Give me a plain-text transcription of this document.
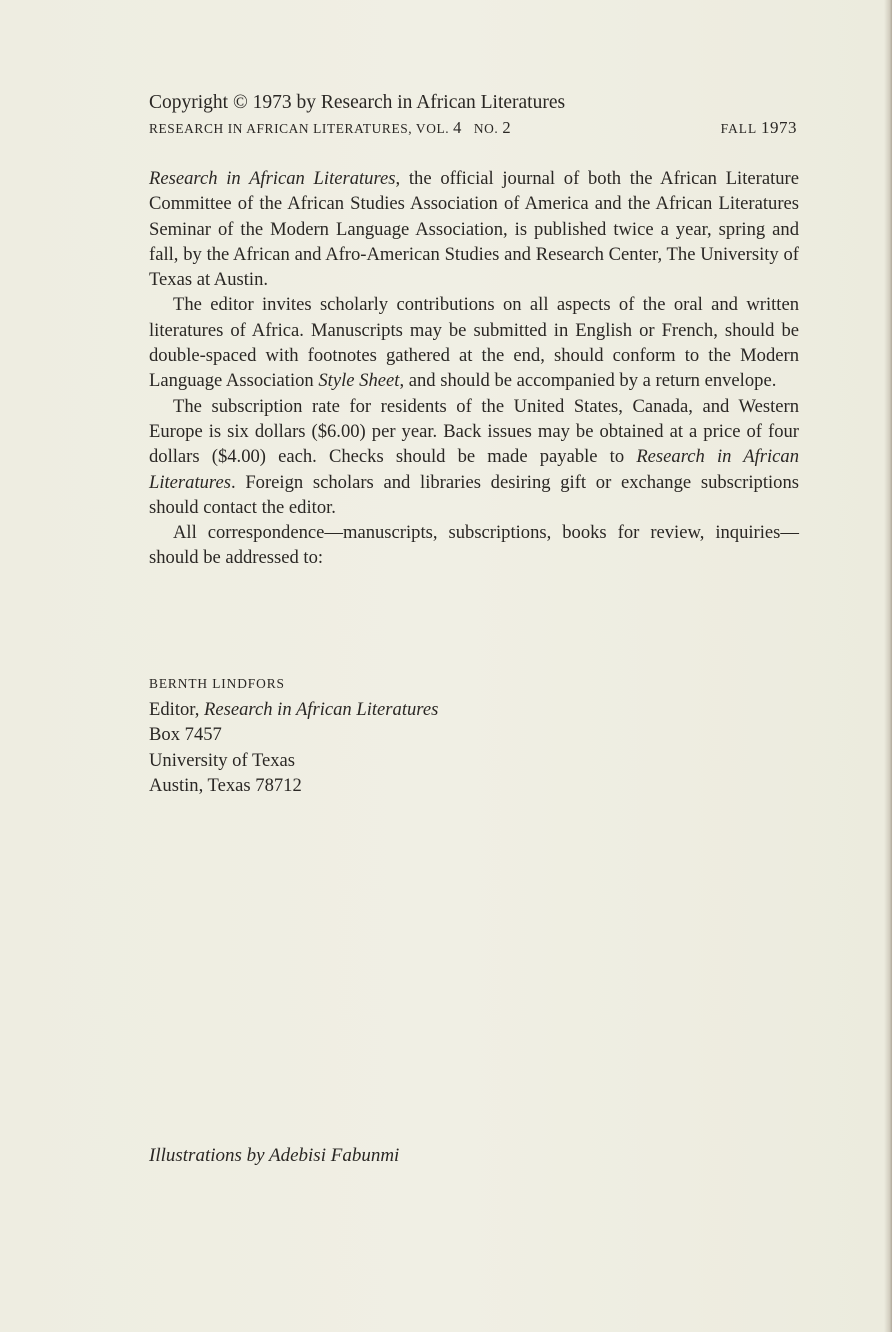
Copyright © 1973 by Research in African Literatures
RESEARCH IN AFRICAN LITERATURES, VOL. 4 NO. 2	FALL 1973

Research in African Literatures, the official journal of both the African Literature Committee of the African Studies Association of America and the African Literatures Seminar of the Modern Language Association, is published twice a year, spring and fall, by the African and Afro-American Studies and Research Center, The University of Texas at Austin.

The editor invites scholarly contributions on all aspects of the oral and written literatures of Africa. Manuscripts may be submitted in English or French, should be double-spaced with footnotes gathered at the end, should conform to the Modern Language Association Style Sheet, and should be accompanied by a return envelope.

The subscription rate for residents of the United States, Canada, and Western Europe is six dollars ($6.00) per year. Back issues may be obtained at a price of four dollars ($4.00) each. Checks should be made payable to Research in African Literatures. Foreign scholars and libraries desiring gift or exchange subscriptions should contact the editor.

All correspondence—manuscripts, subscriptions, books for review, inquiries—should be addressed to:

BERNTH LINDFORS
Editor, Research in African Literatures
Box 7457
University of Texas
Austin, Texas 78712
Illustrations by Adebisi Fabunmi
